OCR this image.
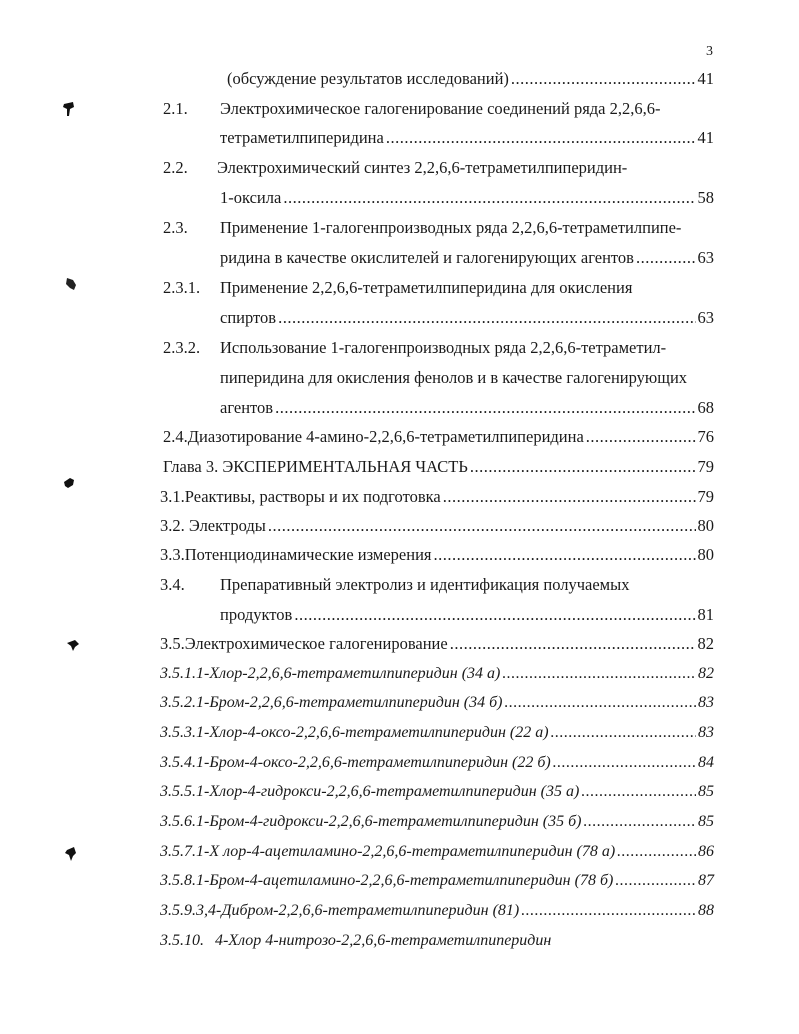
3
(обсуждение результатов исследований) .....	41
2.1.	Электрохимическое галогенирование соединений ряда 2,2,6,6-
тетраметилпиперидина .....	41
2.2.	Электрохимический синтез 2,2,6,6-тетраметилпиперидин-
1-оксила .....	58
2.3.	Применение 1-галогенпроизводных ряда 2,2,6,6-тетраметилпипе-
ридина в качестве окислителей и галогенирующих агентов .....	63
2.3.1.	Применение 2,2,6,6-тетраметилпиперидина для окисления
спиртов .....	63
2.3.2.	Использование 1-галогенпроизводных ряда 2,2,6,6-тетраметил-
пиперидина для окисления фенолов и в качестве галогенирующих
агентов .....	68
2.4. Диазотирование 4-амино-2,2,6,6-тетраметилпиперидина .....	76
Глава 3. ЭКСПЕРИМЕНТАЛЬНАЯ ЧАСТЬ .....	79
3.1. Реактивы, растворы и их подготовка .....	79
3.2. Электроды .....	80
3.3. Потенциодинамические измерения .....	80
3.4.	Препаративный электролиз и идентификация получаемых
продуктов .....	81
3.5. Электрохимическое галогенирование .....	82
3.5.1. 1-Хлор-2,2,6,6-тетраметилпиперидин (34 а) .....	82
3.5.2. 1-Бром-2,2,6,6-тетраметилпиперидин (34 б) .....	83
3.5.3. 1-Хлор-4-оксо-2,2,6,6-тетраметилпиперидин (22 а) .....	83
3.5.4. 1-Бром-4-оксо-2,2,6,6-тетраметилпиперидин (22 б) .....	84
3.5.5. 1-Хлор-4-гидрокси-2,2,6,6-тетраметилпиперидин (35 а) .....	85
3.5.6. 1-Бром-4-гидрокси-2,2,6,6-тетраметилпиперидин (35 б) .....	85
3.5.7. 1-Х лор-4-ацетиламино-2,2,6,6-тетраметилпиперидин (78 а) .....	86
3.5.8. 1-Бром-4-ацетиламино-2,2,6,6-тетраметилпиперидин (78 б) .....	87
3.5.9. 3,4-Дибром-2,2,6,6-тетраметилпиперидин (81) .....	88
3.5.10. 4-Хлор 4-нитрозо-2,2,6,6-тетраметилпиперидин
